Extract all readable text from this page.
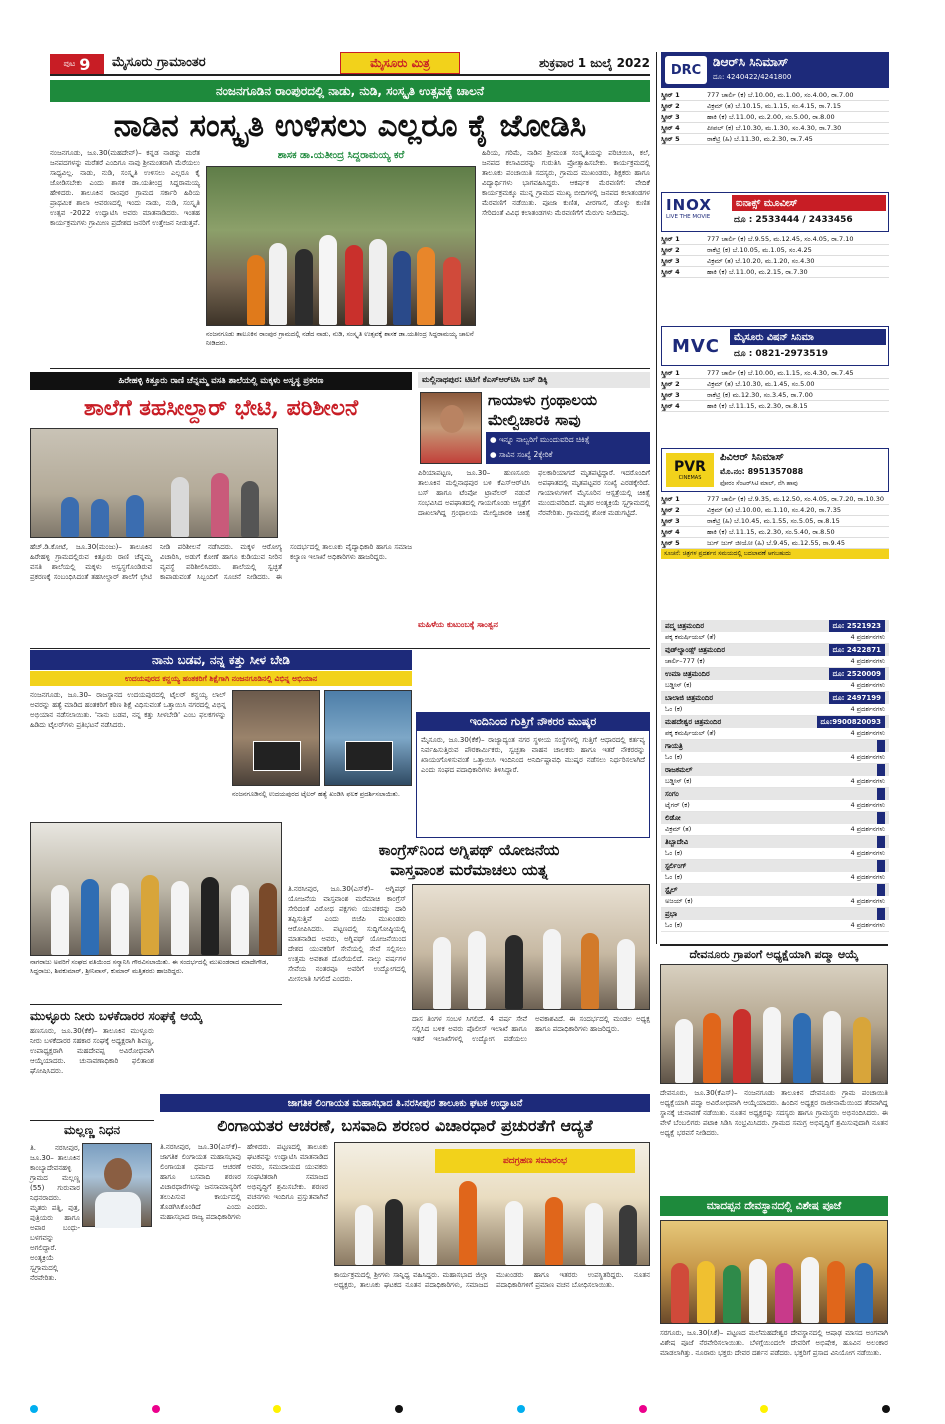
ಪುಟ 9 ಮೈಸೂರು ಗ್ರಾಮಾಂತರ	ಮೈಸೂರು ಮಿತ್ರ	ಶುಕ್ರವಾರ 1 ಜುಲೈ 2022
ನಂಜನಗೂಡಿನ ರಾಂಪುರದಲ್ಲಿ ನಾಡು, ನುಡಿ, ಸಂಸ್ಕೃತಿ ಉತ್ಸವಕ್ಕೆ ಚಾಲನೆ
ನಾಡಿನ ಸಂಸ್ಕೃತಿ ಉಳಿಸಲು ಎಲ್ಲರೂ ಕೈ ಜೋಡಿಸಿ

ನಂಜನಗೂಡು, ಜೂ.30(ಮಹದೇವ್)– ಕನ್ನಡ ನಾಡನ್ನು ಮರೆತ ಜನಪದಗಳನ್ನು ಮರೆತರೆ ಎಂದಿಗೂ ನಾವು ಶ್ರೀಮಂತರಾಗಿ ಮೆರೆಯಲು ಸಾಧ್ಯವಿಲ್ಲ. ನಾಡು, ನುಡಿ, ಸಂಸ್ಕೃತಿ ಉಳಿಸಲು ಎಲ್ಲರೂ ಕೈ ಜೋಡಿಸಬೇಕು ಎಂದು ಶಾಸಕ ಡಾ.ಯತೀಂದ್ರ ಸಿದ್ದರಾಮಯ್ಯ ಹೇಳಿದರು. ತಾಲೂಕಿನ ರಾಂಪುರ ಗ್ರಾಮದ ಸರ್ಕಾರಿ ಹಿರಿಯ ಪ್ರಾಥಮಿಕ ಶಾಲಾ ಆವರಣದಲ್ಲಿ ಇಂದು ನಾಡು, ನುಡಿ, ಸಂಸ್ಕೃತಿ ಉತ್ಸವ -2022 ಉದ್ಘಾಟಿಸಿ ಅವರು ಮಾತನಾಡಿದರು. ಇಂತಹ ಕಾರ್ಯಕ್ರಮಗಳು ಗ್ರಾಮೀಣ ಪ್ರದೇಶದ ಜನರಿಗೆ ಉತ್ತೇಜನ ನೀಡುತ್ತವೆ.

ಶಾಸಕ ಡಾ.ಯತೀಂದ್ರ ಸಿದ್ದರಾಮಯ್ಯ ಕರೆ	ಹಿರಿಯ, ಗರಿಮೆ, ನಾಡಿನ ಶ್ರೀಮಂತ ಸಂಸ್ಕೃತಿಯನ್ನು ಪರಿಚಯಿಸಿ, ಕಲೆ, ಜನಪದ ಕಲಾವಿದರನ್ನು ಗುರುತಿಸಿ ಪ್ರೋತ್ಸಾಹಿಸಬೇಕು. ಕಾರ್ಯಕ್ರಮದಲ್ಲಿ ತಾಲೂಕು ಪಂಚಾಯಿತಿ ಸದಸ್ಯರು, ಗ್ರಾಮದ ಮುಖಂಡರು, ಶಿಕ್ಷಕರು ಹಾಗೂ ವಿದ್ಯಾರ್ಥಿಗಳು ಭಾಗವಹಿಸಿದ್ದರು. ಆಕರ್ಷಕ ಮೆರವಣಿಗೆ: ವೇದಿಕೆ ಕಾರ್ಯಕ್ರಮಕ್ಕೂ ಮುನ್ನ ಗ್ರಾಮದ ಮುಖ್ಯ ಬೀದಿಗಳಲ್ಲಿ ಜನಪದ ಕಲಾತಂಡಗಳ ಮೆರವಣಿಗೆ ನಡೆಯಿತು. ಪೂಜಾ ಕುಣಿತ, ವೀರಗಾಸೆ, ಡೊಳ್ಳು ಕುಣಿತ ಸೇರಿದಂತೆ ವಿವಿಧ ಕಲಾತಂಡಗಳು ಮೆರವಣಿಗೆಗೆ ಮೆರುಗು ನೀಡಿದವು.

ನಂಜನಗೂಡು ತಾಲೂಕಿನ ರಾಂಪುರ ಗ್ರಾಮದಲ್ಲಿ ನಡೆದ ನಾಡು, ನುಡಿ, ಸಂಸ್ಕೃತಿ ಉತ್ಸವಕ್ಕೆ ಶಾಸಕ ಡಾ.ಯತೀಂದ್ರ ಸಿದ್ದರಾಮಯ್ಯ ಚಾಲನೆ ನೀಡಿದರು.
ಹಿರೇಹಳ್ಳಿ ಕಿತ್ತೂರು ರಾಣಿ ಚೆನ್ನಮ್ಮ ವಸತಿ ಶಾಲೆಯಲ್ಲಿ ಮಕ್ಕಳು ಅಸ್ವಸ್ಥ ಪ್ರಕರಣ
ಶಾಲೆಗೆ ತಹಸೀಲ್ದಾರ್ ಭೇಟಿ, ಪರಿಶೀಲನೆ

ಹೆಚ್.ಡಿ.ಕೋಟೆ, ಜೂ.30(ಮಂಜು)– ತಾಲೂಕಿನ ಹಿರೇಹಳ್ಳಿ ಗ್ರಾಮದಲ್ಲಿರುವ ಕಿತ್ತೂರು ರಾಣಿ ಚೆನ್ನಮ್ಮ ವಸತಿ ಶಾಲೆಯಲ್ಲಿ ಮಕ್ಕಳು ಅಸ್ವಸ್ಥಗೊಂಡಿರುವ ಪ್ರಕರಣಕ್ಕೆ ಸಂಬಂಧಿಸಿದಂತೆ ತಹಸೀಲ್ದಾರ್ ಶಾಲೆಗೆ ಭೇಟಿ ನೀಡಿ ಪರಿಶೀಲನೆ ನಡೆಸಿದರು. ಮಕ್ಕಳ ಆರೋಗ್ಯ ವಿಚಾರಿಸಿ, ಅಡುಗೆ ಕೋಣೆ ಹಾಗೂ ಕುಡಿಯುವ ನೀರಿನ ವ್ಯವಸ್ಥೆ ಪರಿಶೀಲಿಸಿದರು. ಶಾಲೆಯಲ್ಲಿ ಸ್ವಚ್ಛತೆ ಕಾಪಾಡುವಂತೆ ಸಿಬ್ಬಂದಿಗೆ ಸೂಚನೆ ನೀಡಿದರು. ಈ ಸಂದರ್ಭದಲ್ಲಿ ತಾಲೂಕು ವೈದ್ಯಾಧಿಕಾರಿ ಹಾಗೂ ಸಮಾಜ ಕಲ್ಯಾಣ ಇಲಾಖೆ ಅಧಿಕಾರಿಗಳು ಹಾಜರಿದ್ದರು.

ಮಲ್ಲಿನಾಥಪುರ: ಟಿಟಿಗೆ ಕೆಎಸ್‌ಆರ್‌ಟಿಸಿ ಬಸ್ ಡಿಕ್ಕಿ
ಗಾಯಾಳು ಗ್ರಂಥಾಲಯ
ಮೇಲ್ವಿಚಾರಕಿ ಸಾವು
● ಇನ್ನೂ ನಾಲ್ವರಿಗೆ ಮುಂದುವರಿದ ಚಿಕಿತ್ಸೆ
● ಸಾವಿನ ಸಂಖ್ಯೆ 2ಕ್ಕೇರಿಕೆ

ಪಿರಿಯಾಪಟ್ಟಣ, ಜೂ.30– ಹುಣಸೂರು ತಾಲೂಕಿನ ಮಲ್ಲಿನಾಥಪುರ ಬಳಿ ಕೆಎಸ್‌ಆರ್‌ಟಿಸಿ ಬಸ್ ಹಾಗೂ ಟೆಂಪೋ ಟ್ರಾವೆಲರ್ ನಡುವೆ ಸಂಭವಿಸಿದ ಅಪಘಾತದಲ್ಲಿ ಗಾಯಗೊಂಡು ಆಸ್ಪತ್ರೆಗೆ ದಾಖಲಾಗಿದ್ದ ಗ್ರಂಥಾಲಯ ಮೇಲ್ವಿಚಾರಕಿ ಚಿಕಿತ್ಸೆ ಫಲಕಾರಿಯಾಗದೆ ಮೃತಪಟ್ಟಿದ್ದಾರೆ. ಇದರೊಂದಿಗೆ ಅಪಘಾತದಲ್ಲಿ ಮೃತಪಟ್ಟವರ ಸಂಖ್ಯೆ ಎರಡಕ್ಕೇರಿದೆ. ಗಾಯಾಳುಗಳಿಗೆ ಮೈಸೂರಿನ ಆಸ್ಪತ್ರೆಯಲ್ಲಿ ಚಿಕಿತ್ಸೆ ಮುಂದುವರಿದಿದೆ. ಮೃತರ ಅಂತ್ಯಕ್ರಿಯೆ ಸ್ವಗ್ರಾಮದಲ್ಲಿ ನೆರವೇರಿತು. ಗ್ರಾಮದಲ್ಲಿ ಶೋಕ ಮಡುಗಟ್ಟಿದೆ.

ಮಹಿಳೆಯ ಕುಟುಂಬಕ್ಕೆ ಸಾಂತ್ವನ
ನಾನು ಬಡವ, ನನ್ನ ಕತ್ತು ಸೀಳ ಬೇಡಿ
ಉದಯಪುರದ ಕನ್ಹಯ್ಯ ಹಂತಕರಿಗೆ ಶಿಕ್ಷೆಗಾಗಿ ನಂಜನಗೂಡಿನಲ್ಲಿ ವಿಭಿನ್ನ ಅಭಿಯಾನ

ನಂಜನಗೂಡು, ಜೂ.30– ರಾಜಸ್ಥಾನದ ಉದಯಪುರದಲ್ಲಿ ಟೈಲರ್ ಕನ್ಹಯ್ಯ ಲಾಲ್ ಅವರನ್ನು ಹತ್ಯೆ ಮಾಡಿದ ಹಂತಕರಿಗೆ ಕಠಿಣ ಶಿಕ್ಷೆ ವಿಧಿಸುವಂತೆ ಒತ್ತಾಯಿಸಿ ನಗರದಲ್ಲಿ ವಿಭಿನ್ನ ಅಭಿಯಾನ ನಡೆಸಲಾಯಿತು. 'ನಾನು ಬಡವ, ನನ್ನ ಕತ್ತು ಸೀಳಬೇಡಿ' ಎಂಬ ಫಲಕಗಳನ್ನು ಹಿಡಿದು ಟೈಲರ್‌ಗಳು ಪ್ರತಿಭಟನೆ ನಡೆಸಿದರು.

ನಂಜನಗೂಡಿನಲ್ಲಿ ಉದಯಪುರದ ಟೈಲರ್ ಹತ್ಯೆ ಖಂಡಿಸಿ ಫಲಕ ಪ್ರದರ್ಶಿಸಲಾಯಿತು.
ಇಂದಿನಿಂದ ಗುತ್ತಿಗೆ ನೌಕರರ ಮುಷ್ಕರ

ಮೈಸೂರು, ಜೂ.30(ಕೆಕೆ)– ರಾಜ್ಯಾದ್ಯಂತ ನಗರ ಸ್ಥಳೀಯ ಸಂಸ್ಥೆಗಳಲ್ಲಿ ಗುತ್ತಿಗೆ ಆಧಾರದಲ್ಲಿ ಕರ್ತವ್ಯ ನಿರ್ವಹಿಸುತ್ತಿರುವ ಪೌರಕಾರ್ಮಿಕರು, ಸ್ವಚ್ಛತಾ ವಾಹನ ಚಾಲಕರು ಹಾಗೂ ಇತರೆ ನೌಕರರನ್ನು ಖಾಯಂಗೊಳಿಸುವಂತೆ ಒತ್ತಾಯಿಸಿ ಇಂದಿನಿಂದ ಅನಿರ್ದಿಷ್ಟಾವಧಿ ಮುಷ್ಕರ ನಡೆಸಲು ನಿರ್ಧರಿಸಲಾಗಿದೆ ಎಂದು ಸಂಘದ ಪದಾಧಿಕಾರಿಗಳು ತಿಳಿಸಿದ್ದಾರೆ.

ನಾಗರಾಜು ಅವರಿಗೆ ಸಂಘದ ವತಿಯಿಂದ ಸನ್ಮಾನಿಸಿ ಗೌರವಿಸಲಾಯಿತು. ಈ ಸಂದರ್ಭದಲ್ಲಿ ಮುಖಂಡರಾದ ಮಾದೇಗೌಡ, ಸಿದ್ದರಾಜು, ಶಿವಕುಮಾರ್, ಶ್ರೀನಿವಾಸ್, ಕುಮಾರ್ ಮತ್ತಿತರರು ಹಾಜರಿದ್ದರು.
ಕಾಂಗ್ರೆಸ್‌ನಿಂದ ಅಗ್ನಿಪಥ್ ಯೋಜನೆಯ
ವಾಸ್ತವಾಂಶ ಮರೆಮಾಚಲು ಯತ್ನ

ತಿ.ನರಸೀಪುರ, ಜೂ.30(ಎಸ್‌ಕೆ)– ಅಗ್ನಿಪಥ್ ಯೋಜನೆಯ ವಾಸ್ತವಾಂಶ ಮರೆಮಾಚಿ ಕಾಂಗ್ರೆಸ್ ಸೇರಿದಂತೆ ವಿರೋಧ ಪಕ್ಷಗಳು ಯುವಕರನ್ನು ದಾರಿ ತಪ್ಪಿಸುತ್ತಿವೆ ಎಂದು ಬಿಜೆಪಿ ಮುಖಂಡರು ಆರೋಪಿಸಿದರು. ಪಟ್ಟಣದಲ್ಲಿ ಸುದ್ದಿಗೋಷ್ಠಿಯಲ್ಲಿ ಮಾತನಾಡಿದ ಅವರು, ಅಗ್ನಿಪಥ್ ಯೋಜನೆಯಿಂದ ದೇಶದ ಯುವಕರಿಗೆ ಸೇನೆಯಲ್ಲಿ ಸೇವೆ ಸಲ್ಲಿಸಲು ಉತ್ತಮ ಅವಕಾಶ ದೊರೆಯಲಿದೆ. ನಾಲ್ಕು ವರ್ಷಗಳ ಸೇವೆಯ ನಂತರವೂ ಅವರಿಗೆ ಉದ್ಯೋಗದಲ್ಲಿ ಮೀಸಲಾತಿ ಸಿಗಲಿದೆ ಎಂದರು.

ದಾಸ ತಿಂಗಳ ಸಂಬಳ ಸಿಗಲಿದೆ. 4 ವರ್ಷ ಸೇವೆ ಸಲ್ಲಿಸಿದ ಬಳಿಕ ಅವರು ಪೊಲೀಸ್ ಇಲಾಖೆ ಹಾಗೂ ಇತರೆ ಇಲಾಖೆಗಳಲ್ಲಿ ಉದ್ಯೋಗ ಪಡೆಯಲು ಅವಕಾಶವಿದೆ. ಈ ಸಂದರ್ಭದಲ್ಲಿ ಮಂಡಲ ಅಧ್ಯಕ್ಷ ಹಾಗೂ ಪದಾಧಿಕಾರಿಗಳು ಹಾಜರಿದ್ದರು.

ಮುಳ್ಳೂರು ನೀರು ಬಳಕೆದಾರರ ಸಂಘಕ್ಕೆ ಆಯ್ಕೆ

ಹಣಸೂರು, ಜೂ.30(ಕೆಕೆ)– ತಾಲೂಕಿನ ಮುಳ್ಳೂರು ನೀರು ಬಳಕೆದಾರರ ಸಹಕಾರ ಸಂಘಕ್ಕೆ ಅಧ್ಯಕ್ಷರಾಗಿ ಶಿವಣ್ಣ, ಉಪಾಧ್ಯಕ್ಷರಾಗಿ ಮಹದೇವಪ್ಪ ಅವಿರೋಧವಾಗಿ ಆಯ್ಕೆಯಾದರು. ಚುನಾವಣಾಧಿಕಾರಿ ಫಲಿತಾಂಶ ಘೋಷಿಸಿದರು.

ಮಲ್ಲಣ್ಣ ನಿಧನ

ತಿ. ನರಸೀಪುರ, ಜೂ.30– ತಾಲೂಕಿನ ಕಾಂಬ್ಯಾದೇವನಹಳ್ಳಿ ಗ್ರಾಮದ ಮಲ್ಲಣ್ಣ (55) ಗುರುವಾರ ನಿಧನರಾದರು. ಮೃತರು ಪತ್ನಿ, ಪುತ್ರ, ಪುತ್ರಿಯರು ಹಾಗೂ ಅಪಾರ ಬಂಧು-ಬಳಗವನ್ನು ಅಗಲಿದ್ದಾರೆ. ಅಂತ್ಯಕ್ರಿಯೆ ಸ್ವಗ್ರಾಮದಲ್ಲಿ ನೆರವೇರಿತು.

ಜಾಗತಿಕ ಲಿಂಗಾಯತ ಮಹಾಸಭಾದ ತಿ.ನರಸೀಪುರ ತಾಲೂಕು ಘಟಕ ಉದ್ಘಾಟನೆ
ಲಿಂಗಾಯತರ ಆಚರಣೆ, ಬಸವಾದಿ ಶರಣರ ವಿಚಾರಧಾರೆ ಪ್ರಚುರತೆಗೆ ಆದ್ಯತೆ

ತಿ.ನರಸೀಪುರ, ಜೂ.30(ಎಸ್‌ಕೆ)– ಜಾಗತಿಕ ಲಿಂಗಾಯತ ಮಹಾಸಭಾವು ಲಿಂಗಾಯತ ಧರ್ಮದ ಆಚರಣೆ ಹಾಗೂ ಬಸವಾದಿ ಶರಣರ ವಿಚಾರಧಾರೆಗಳನ್ನು ಜನಸಾಮಾನ್ಯರಿಗೆ ತಲುಪಿಸುವ ಕಾರ್ಯದಲ್ಲಿ ತೊಡಗಿಸಿಕೊಂಡಿದೆ ಎಂದು ಮಹಾಸಭಾದ ರಾಜ್ಯ ಪದಾಧಿಕಾರಿಗಳು ಹೇಳಿದರು. ಪಟ್ಟಣದಲ್ಲಿ ತಾಲೂಕು ಘಟಕವನ್ನು ಉದ್ಘಾಟಿಸಿ ಮಾತನಾಡಿದ ಅವರು, ಸಮುದಾಯದ ಯುವಕರು ಸಂಘಟಿತರಾಗಿ ಸಮಾಜದ ಅಭಿವೃದ್ಧಿಗೆ ಶ್ರಮಿಸಬೇಕು. ಶರಣರ ವಚನಗಳು ಇಂದಿಗೂ ಪ್ರಸ್ತುತವಾಗಿವೆ ಎಂದರು.

ಪದಗ್ರಹಣ ಸಮಾರಂಭ

ಕಾರ್ಯಕ್ರಮದಲ್ಲಿ ಶ್ರೀಗಳು ಸಾನ್ನಿಧ್ಯ ವಹಿಸಿದ್ದರು. ಮಹಾಸಭಾದ ಜಿಲ್ಲಾ ಅಧ್ಯಕ್ಷರು, ತಾಲೂಕು ಘಟಕದ ನೂತನ ಪದಾಧಿಕಾರಿಗಳು, ಸಮಾಜದ ಮುಖಂಡರು ಹಾಗೂ ಇತರರು ಉಪಸ್ಥಿತರಿದ್ದರು. ನೂತನ ಪದಾಧಿಕಾರಿಗಳಿಗೆ ಪ್ರಮಾಣ ವಚನ ಬೋಧಿಸಲಾಯಿತು.

DRC
ಡಿಆರ್‌ಸಿ ಸಿನಿಮಾಸ್
ದೂ: 4240422/4241800
ಸ್ಕ್ರೀನ್ 1	777 ಚಾರ್ಲಿ (ಕ) ಬೆ.10.00, ಮ.1.00, ಸಂ.4.00, ರಾ.7.00
ಸ್ಕ್ರೀನ್ 2	ವಿಕ್ರಮ್ (ತ) ಬೆ.10.15, ಮ.1.15, ಸಂ.4.15, ರಾ.7.15
ಸ್ಕ್ರೀನ್ 3	ಹಾಕಿ (ಕ) ಬೆ.11.00, ಮ.2.00, ಸಂ.5.00, ರಾ.8.00
ಸ್ಕ್ರೀನ್ 4	ಪೀಪಲ್ (ಕ) ಬೆ.10.30, ಮ.1.30, ಸಂ.4.30, ರಾ.7.30
ಸ್ಕ್ರೀನ್ 5	ರಾಕೆಟ್ರಿ (ಹಿ) ಬೆ.11.30, ಮ.2.30, ರಾ.7.45
INOX
LIVE THE MOVIE
ಐನಾಕ್ಸ್ ಮೂವೀಸ್
ದೂ : 2533444 / 2433456
ಸ್ಕ್ರೀನ್ 1	777 ಚಾರ್ಲಿ (ಕ) ಬೆ.9.55, ಮ.12.45, ಸಂ.4.05, ರಾ.7.10
ಸ್ಕ್ರೀನ್ 2	ರಾಕೆಟ್ರಿ (ಕ) ಬೆ.10.05, ಮ.1.05, ಸಂ.4.25
ಸ್ಕ್ರೀನ್ 3	ವಿಕ್ರಮ್ (ತ) ಬೆ.10.20, ಮ.1.20, ಸಂ.4.30
ಸ್ಕ್ರೀನ್ 4	ಹಾಕಿ (ಕ) ಬೆ.11.00, ಮ.2.15, ರಾ.7.30
MVC ಮೈಸೂರು ವಿಷನ್ ಸಿನಿಮಾ
ದೂ : 0821-2973519
ಸ್ಕ್ರೀನ್ 1	777 ಚಾರ್ಲಿ (ಕ) ಬೆ.10.00, ಮ.1.15, ಸಂ.4.30, ರಾ.7.45
ಸ್ಕ್ರೀನ್ 2	ವಿಕ್ರಮ್ (ತ) ಬೆ.10.30, ಮ.1.45, ಸಂ.5.00
ಸ್ಕ್ರೀನ್ 3	ರಾಕೆಟ್ರಿ (ಕ) ಮ.12.30, ಸಂ.3.45, ರಾ.7.00
ಸ್ಕ್ರೀನ್ 4	ಹಾಕಿ (ಕ) ಬೆ.11.15, ಮ.2.30, ರಾ.8.15
PVR
CINEMAS
ಪಿವಿಆರ್ ಸಿನಿಮಾಸ್
ಮೊ.ನಂ: 8951357088
ಫೋರಂ ಸೆಂಟರ್‌ಸಿಟಿ ಮಾಲ್, ನೆಗಿ ಹಾವು
ಸ್ಕ್ರೀನ್ 1	777 ಚಾರ್ಲಿ (ಕ) ಬೆ.9.35, ಮ.12.50, ಸಂ.4.05, ರಾ.7.20, ರಾ.10.30
ಸ್ಕ್ರೀನ್ 2	ವಿಕ್ರಮ್ (ತ) ಬೆ.10.00, ಮ.1.10, ಸಂ.4.20, ರಾ.7.35
ಸ್ಕ್ರೀನ್ 3	ರಾಕೆಟ್ರಿ (ಹಿ) ಬೆ.10.45, ಮ.1.55, ಸಂ.5.05, ರಾ.8.15
ಸ್ಕ್ರೀನ್ 4	ಹಾಕಿ (ಕ) ಬೆ.11.15, ಮ.2.30, ಸಂ.5.40, ರಾ.8.50
ಸ್ಕ್ರೀನ್ 5	ಜುಗ್ ಜುಗ್ ಜೀಯೋ (ಹಿ) ಬೆ.9.45, ಮ.12.55, ರಾ.9.45
ಸೂಚನೆ: ಚಿತ್ರಗಳ ಪ್ರದರ್ಶನ ಸಮಯದಲ್ಲಿ ಬದಲಾವಣೆ ಆಗಬಹುದು
ಪದ್ಮ ಚಿತ್ರಮಂದಿರ	ದೂ: 2521923
ಪಕ್ಕ ಕಮರ್ಷಿಯಲ್ (ತೆ)	4 ಪ್ರದರ್ಶನಗಳು
ವುಡ್‌ಲ್ಯಾಂಡ್ಸ್ ಚಿತ್ರಮಂದಿರ	ದೂ: 2422871
ಚಾರ್ಲಿ–777 (ಕ)	4 ಪ್ರದರ್ಶನಗಳು
ಉಮಾ ಚಿತ್ರಮಂದಿರ	ದೂ: 2520009
ಬಡ್ಡೀಸ್ (ಕ)	4 ಪ್ರದರ್ಶನಗಳು
ಬಾಲಾಜಿ ಚಿತ್ರಮಂದಿರ	ದೂ: 2497199
ಓಂ (ಕ)	4 ಪ್ರದರ್ಶನಗಳು
ಮಹದೇಶ್ವರ ಚಿತ್ರಮಂದಿರ	ದೂ:9900820093
ಪಕ್ಕ ಕಮರ್ಷಿಯಲ್ (ತೆ)	4 ಪ್ರದರ್ಶನಗಳು
ಗಾಯತ್ರಿ
ಓಂ (ಕ)	4 ಪ್ರದರ್ಶನಗಳು
ರಾಜಕಮಲ್
ಬಡ್ಡೀಸ್ (ಕ)	4 ಪ್ರದರ್ಶನಗಳು
ಸಂಗಂ
ಟೈಗರ್ (ಕ)	4 ಪ್ರದರ್ಶನಗಳು
ಲಿಡೋ
ವಿಕ್ರಮ್ (ತ)	4 ಪ್ರದರ್ಶನಗಳು
ತಿಬ್ಬಾದೇವಿ
ಓಂ (ಕ)	4 ಪ್ರದರ್ಶನಗಳು
ಸ್ಟರ್ಲಿಂಗ್
ಓಂ (ಕ)	4 ಪ್ರದರ್ಶನಗಳು
ಸ್ಟೈಲ್
ಅಜಯ್ (ಕ)	4 ಪ್ರದರ್ಶನಗಳು
ಪ್ರಭಾ
ಓಂ (ಕ)	4 ಪ್ರದರ್ಶನಗಳು
ದೇವನೂರು ಗ್ರಾಪಂಗೆ ಅಧ್ಯಕ್ಷೆಯಾಗಿ ಪದ್ಮಾ ಆಯ್ಕೆ

ದೇವನೂರು, ಜೂ.30(ಕೆಎಸ್)– ನಂಜನಗೂಡು ತಾಲೂಕಿನ ದೇವನೂರು ಗ್ರಾಮ ಪಂಚಾಯಿತಿ ಅಧ್ಯಕ್ಷೆಯಾಗಿ ಪದ್ಮಾ ಅವಿರೋಧವಾಗಿ ಆಯ್ಕೆಯಾದರು. ಹಿಂದಿನ ಅಧ್ಯಕ್ಷರ ರಾಜೀನಾಮೆಯಿಂದ ತೆರವಾಗಿದ್ದ ಸ್ಥಾನಕ್ಕೆ ಚುನಾವಣೆ ನಡೆಯಿತು. ನೂತನ ಅಧ್ಯಕ್ಷರನ್ನು ಸದಸ್ಯರು ಹಾಗೂ ಗ್ರಾಮಸ್ಥರು ಅಭಿನಂದಿಸಿದರು. ಈ ವೇಳೆ ಬೆಂಬಲಿಗರು ಪಟಾಕಿ ಸಿಡಿಸಿ ಸಂಭ್ರಮಿಸಿದರು. ಗ್ರಾಮದ ಸಮಗ್ರ ಅಭಿವೃದ್ಧಿಗೆ ಶ್ರಮಿಸುವುದಾಗಿ ನೂತನ ಅಧ್ಯಕ್ಷೆ ಭರವಸೆ ನೀಡಿದರು.

ಮಾದಪ್ಪನ ದೇವಸ್ಥಾನದಲ್ಲಿ ವಿಶೇಷ ಪೂಜೆ

ಸರಗೂರು, ಜೂ.30(ಸಿಕೆ)– ಪಟ್ಟಣದ ಮಲೆಮಹದೇಶ್ವರ ದೇವಸ್ಥಾನದಲ್ಲಿ ಆಷಾಢ ಮಾಸದ ಅಂಗವಾಗಿ ವಿಶೇಷ ಪೂಜೆ ನೆರವೇರಿಸಲಾಯಿತು. ಬೆಳಗ್ಗೆಯಿಂದಲೇ ದೇವರಿಗೆ ಅಭಿಷೇಕ, ಹೂವಿನ ಅಲಂಕಾರ ಮಾಡಲಾಗಿತ್ತು. ನೂರಾರು ಭಕ್ತರು ದೇವರ ದರ್ಶನ ಪಡೆದರು. ಭಕ್ತರಿಗೆ ಪ್ರಸಾದ ವಿನಿಯೋಗ ನಡೆಯಿತು.
